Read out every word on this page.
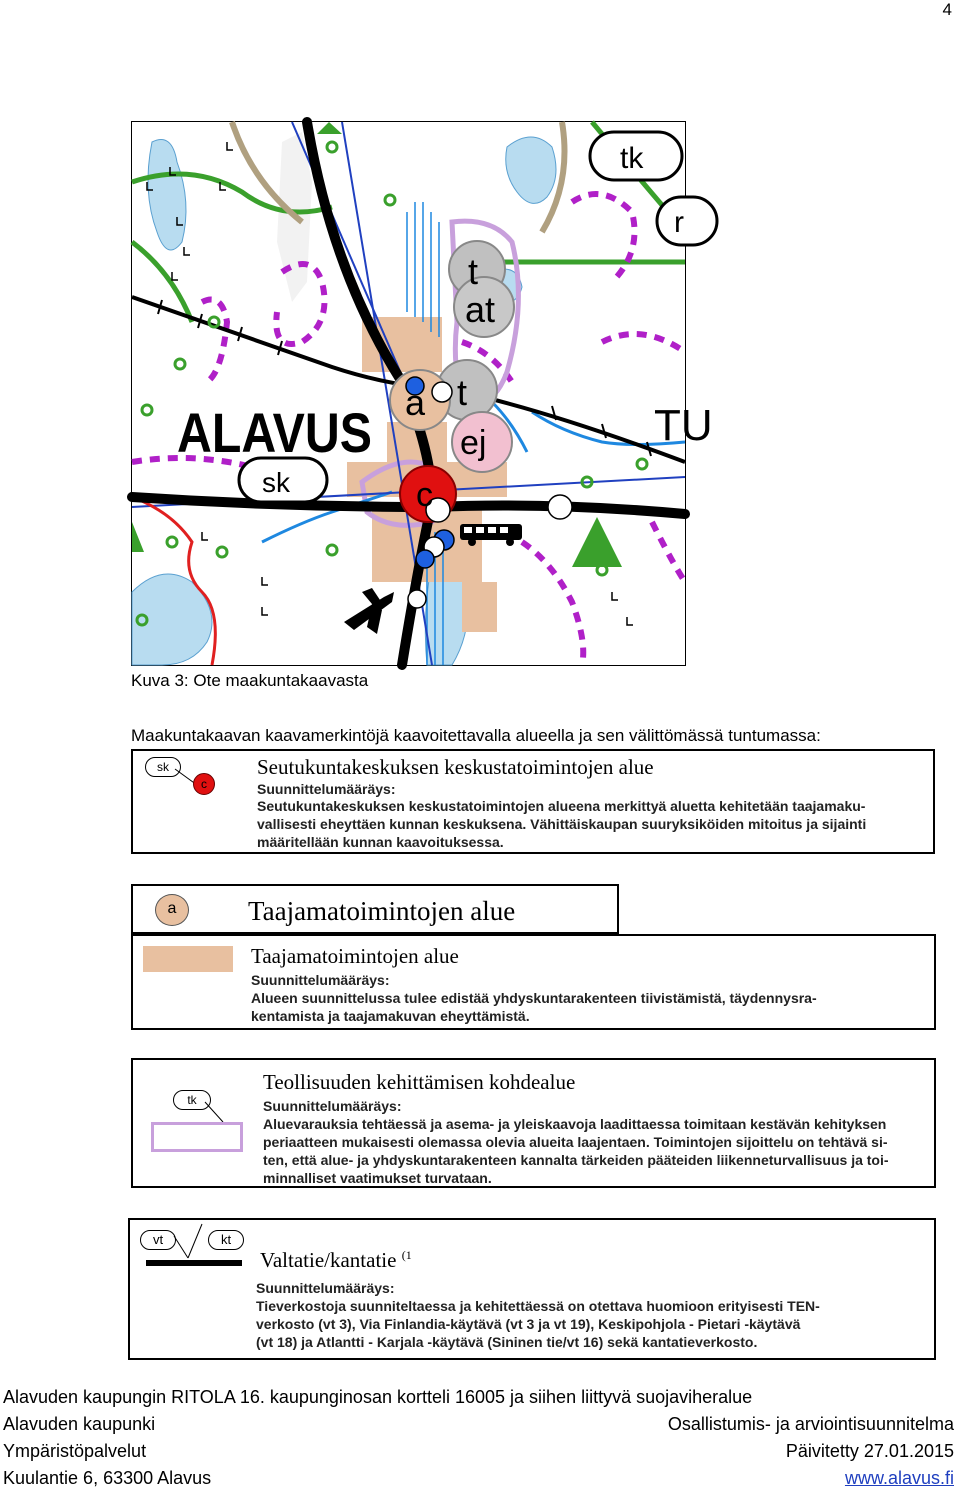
4
tk
r
t
at
ALAVUS a t
TU
ej
sk	c
Kuva 3: Ote maakuntakaavasta
Maakuntakaavan kaavamerkintöjä kaavoitettavalla alueella ja sen välittömässä tuntumassa:
sk
c
Seutukuntakeskuksen keskustatoimintojen alue
Suunnittelumääräys:
Seutukuntakeskuksen keskustatoimintojen alueena merkittyä aluetta kehitetään taajamaku-
vallisesti eheyttäen kunnan keskuksena. Vähittäiskaupan suuryksiköiden mitoitus ja sijainti
määritellään kunnan kaavoituksessa.
a	Taajamatoimintojen alue
Taajamatoimintojen alue
Suunnittelumääräys:
Alueen suunnittelussa tulee edistää yhdyskuntarakenteen tiivistämistä, täydennysra-
kentamista ja taajamakuvan eheyttämistä.
tk
Teollisuuden kehittämisen kohdealue
Suunnittelumääräys:
Aluevarauksia tehtäessä ja asema- ja yleiskaavoja laadittaessa toimitaan kestävän kehityksen
periaatteen mukaisesti olemassa olevia alueita laajentaen. Toimintojen sijoittelu on tehtävä si-
ten, että alue- ja yhdyskuntarakenteen kannalta tärkeiden pääteiden liikenneturvallisuus ja toi-
minnalliset vaatimukset turvataan.
vt	kt
Valtatie/kantatie $^{(1}$
Suunnittelumääräys:
Tieverkostoja suunniteltaessa ja kehitettäessä on otettava huomioon erityisesti TEN-
verkosto (vt 3), Via Finlandia-käytävä (vt 3 ja vt 19), Keskipohjola - Pietari -käytävä
(vt 18) ja Atlantti - Karjala -käytävä (Sininen tie/vt 16) sekä kantatieverkosto.
Alavuden kaupungin RITOLA 16. kaupunginosan kortteli 16005 ja siihen liittyvä suojaviheralue
Alavuden kaupunki
Ympäristöpalvelut
Kuulantie 6, 63300 Alavus
Osallistumis- ja arviointisuunnitelma
Päivitetty 27.01.2015
www.alavus.fi
